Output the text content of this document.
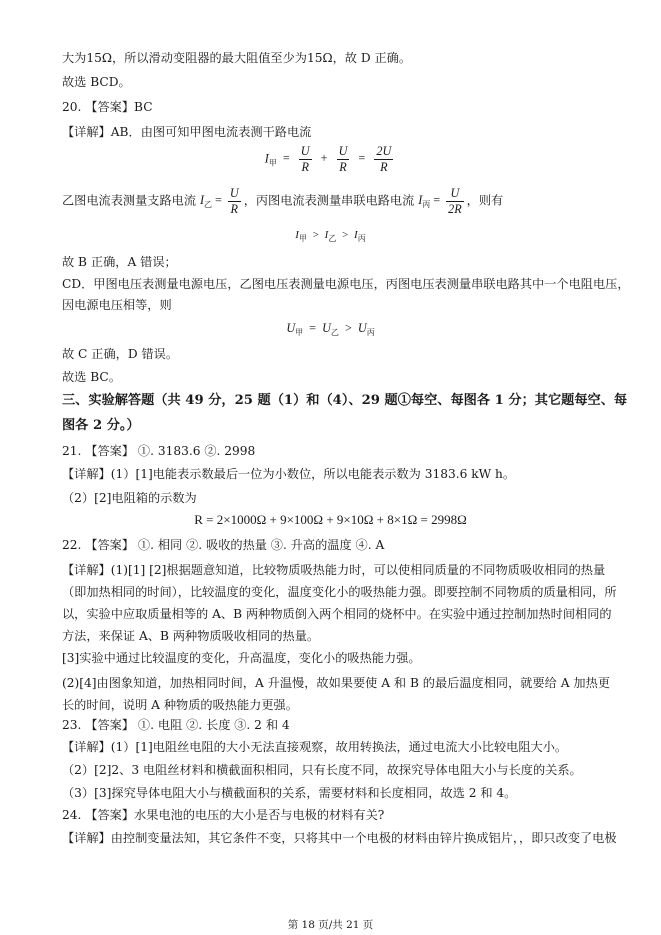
大为15Ω，所以滑动变阻器的最大阻值至少为15Ω，故 D 正确。
故选 BCD。
20. 【答案】BC
【详解】AB．由图可知甲图电流表测干路电流
$I_甲 = \frac{U}{R} + \frac{U}{R} = \frac{2U}{R}$
乙图电流表测量支路电流 $I_乙 = \frac{U}{R}$ ，丙图电流表测量串联电路电流 $I_丙 = \frac{U}{2R}$ ，则有
$I_甲 > I_乙 > I_丙$
故 B 正确，A 错误；
CD．甲图电压表测量电源电压，乙图电压表测量电源电压，丙图电压表测量串联电路其中一个电阻电压，
因电源电压相等，则
$U_甲 = U_乙 > U_丙$
故 C 正确，D 错误。
故选 BC。
三、实验解答题（共 49 分，25 题（1）和（4）、29 题①每空、每图各 1 分；其它题每空、每
图各 2 分。）
21. 【答案】 ①. 3183.6 ②. 2998
【详解】(1）[1]电能表示数最后一位为小数位，所以电能表示数为 3183.6 kW h。
（2）[2]电阻箱的示数为
R = 2×1000Ω + 9×100Ω + 9×10Ω + 8×1Ω = 2998Ω
22. 【答案】 ①. 相同 ②. 吸收的热量 ③. 升高的温度 ④. A
【详解】(1)[1] [2]根据题意知道，比较物质吸热能力时，可以使相同质量的不同物质吸收相同的热量（即加热相同的时间），比较温度的变化，温度变化小的吸热能力强。即要控制不同物质的质量相同，所以，实验中应取质量相等的 A、B 两种物质倒入两个相同的烧杯中。在实验中通过控制加热时间相同的方法，来保证 A、B 两种物质吸收相同的热量。
[3]实验中通过比较温度的变化，升高温度，变化小的吸热能力强。
(2)[4]由图象知道，加热相同时间，A 升温慢，故如果要使 A 和 B 的最后温度相同，就要给 A 加热更长的时间，说明 A 种物质的吸热能力更强。
23. 【答案】 ①. 电阻 ②. 长度 ③. 2 和 4
【详解】(1）[1]电阻丝电阻的大小无法直接观察，故用转换法，通过电流大小比较电阻大小。
（2）[2]2、3 电阻丝材料和横截面积相同，只有长度不同，故探究导体电阻大小与长度的关系。
（3）[3]探究导体电阻大小与横截面积的关系，需要材料和长度相同，故选 2 和 4。
24. 【答案】水果电池的电压的大小是否与电极的材料有关?
【详解】由控制变量法知，其它条件不变，只将其中一个电极的材料由锌片换成铝片，，即只改变了电极
第 18 页/共 21 页
